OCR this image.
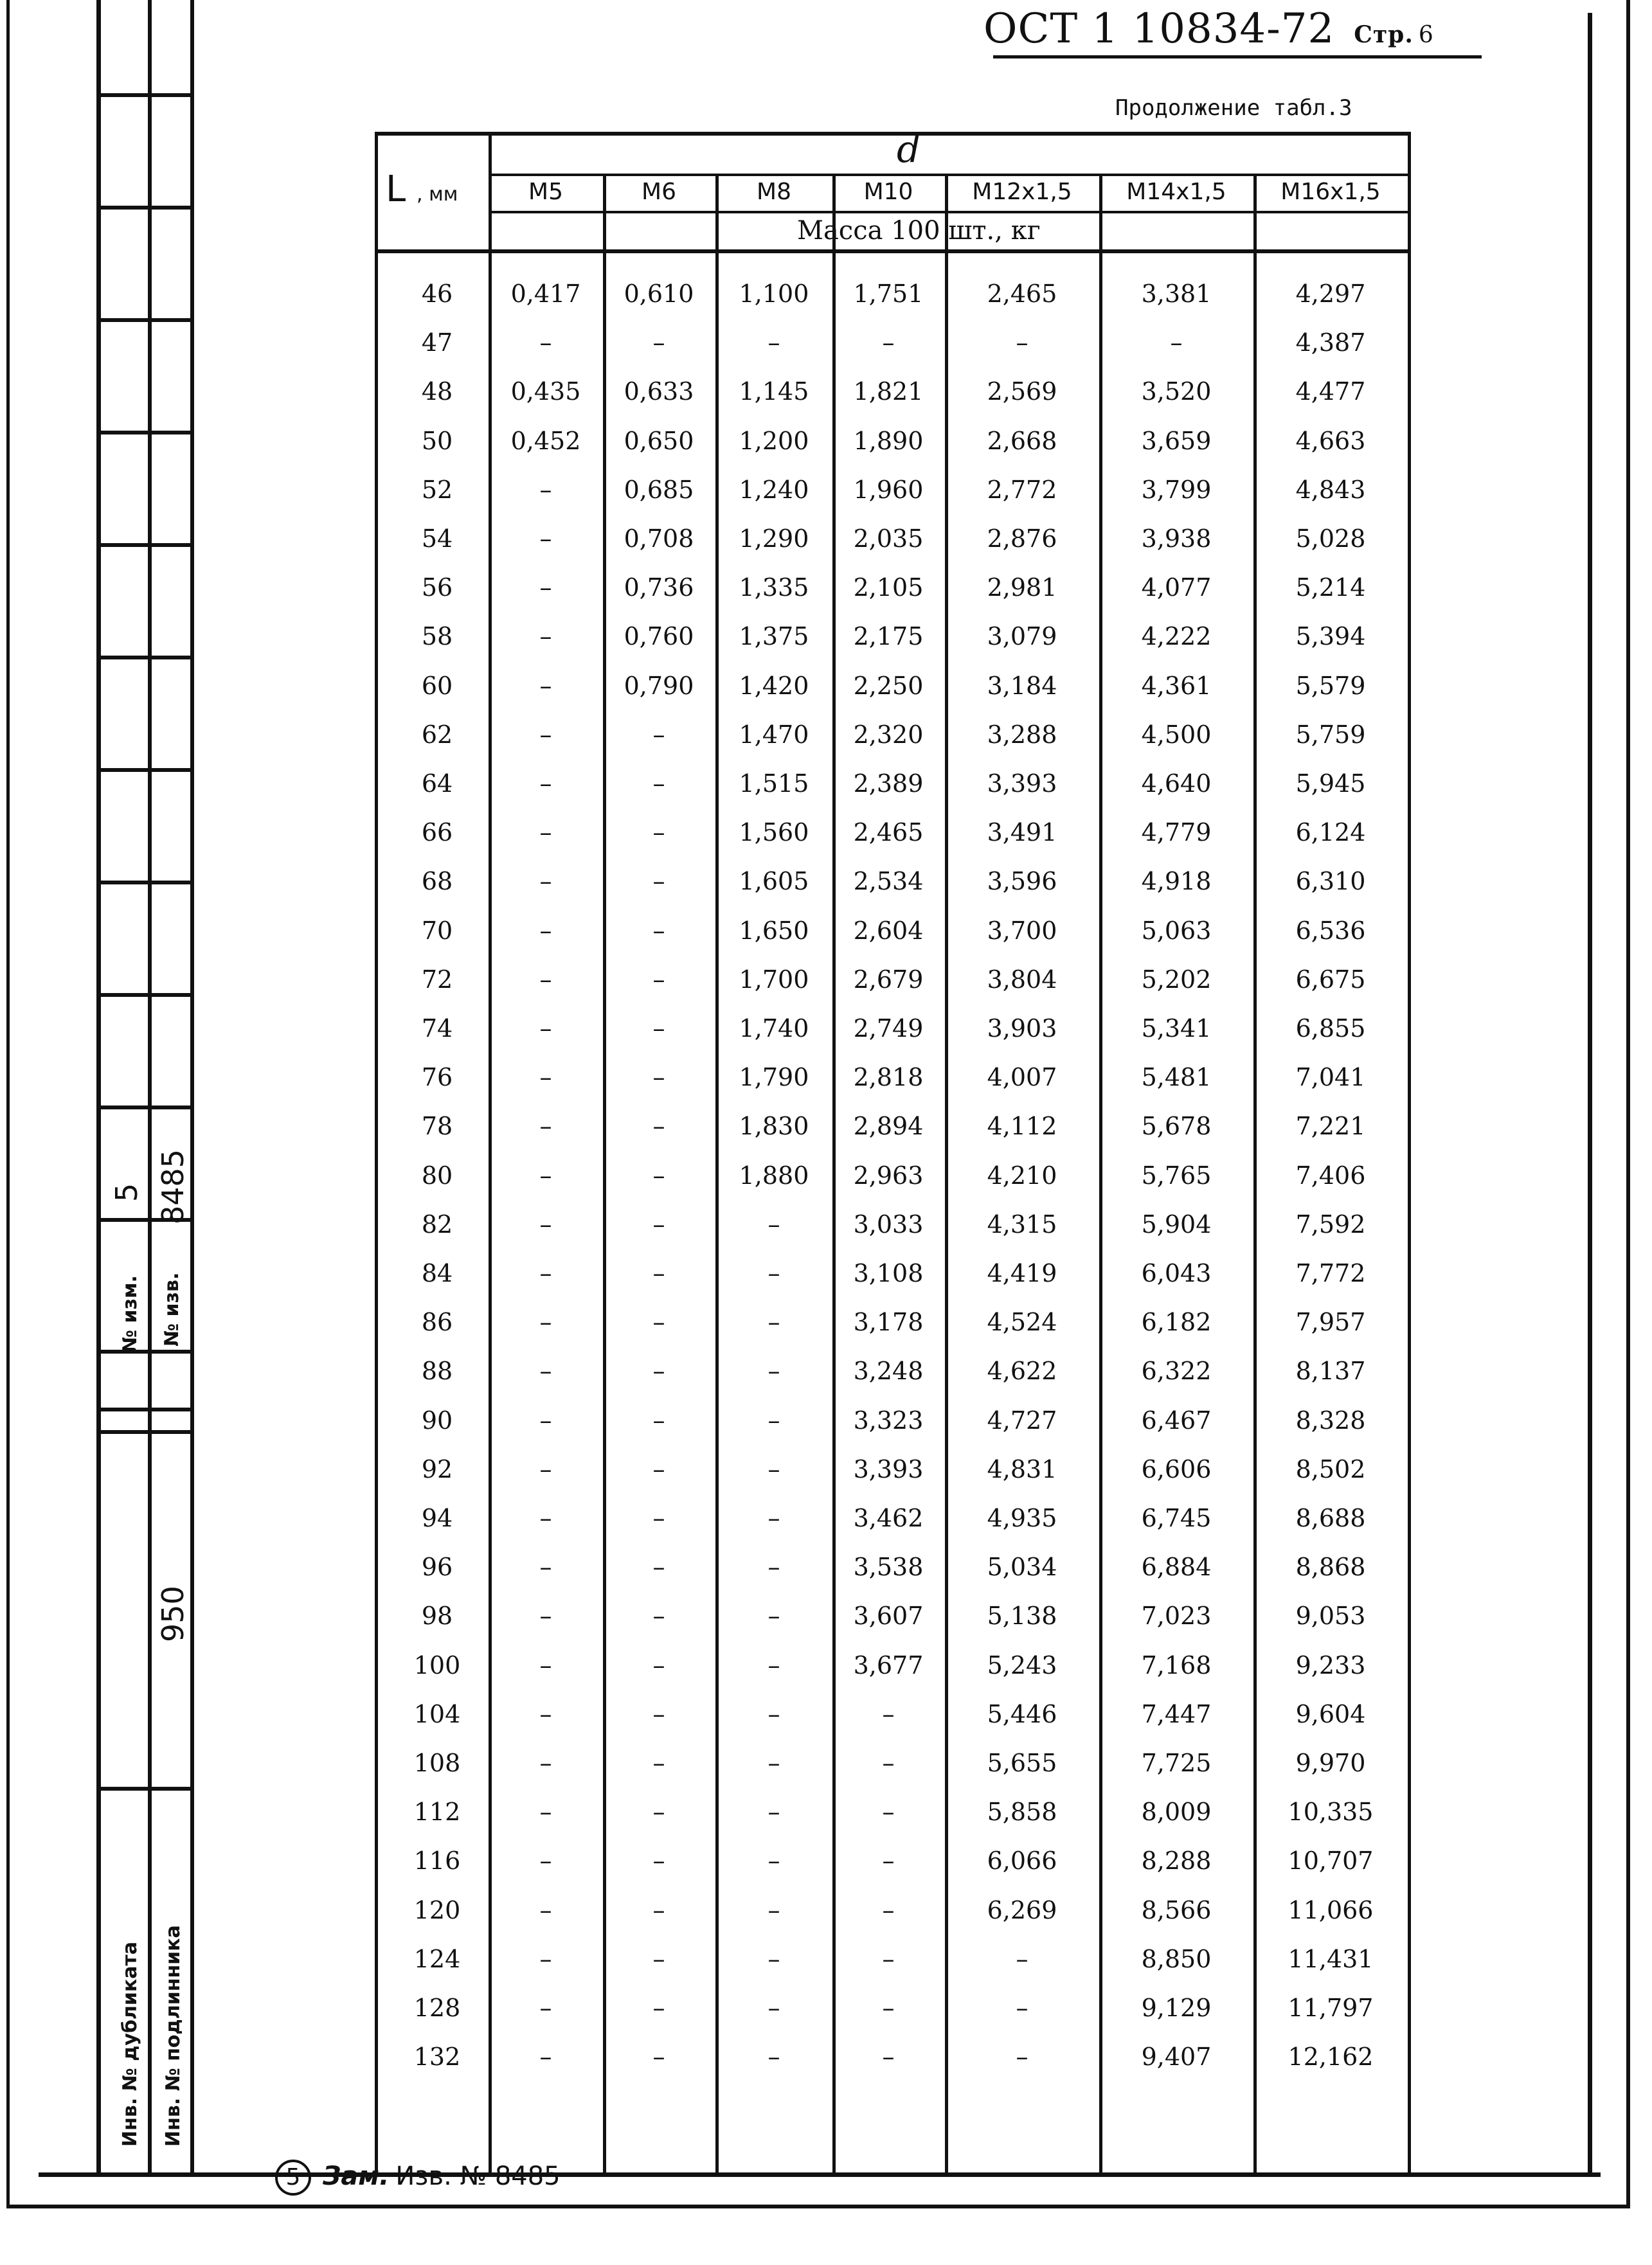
5 8485
№ изм. № изв.
950
Инв. № дубликата Инв. № подлинника
ОСТ 1 10834-72 Стр. 6
Продолжение табл.3
d
L , мм
Масса 100 шт., кг
M5	M6	M8	M10	M12x1,5	M14x1,5	M16x1,5
46	0,417	0,610	1,100	1,751	2,465	3,381	4,297
47	–	–	–	–	–	–	4,387
48	0,435	0,633	1,145	1,821	2,569	3,520	4,477
50	0,452	0,650	1,200	1,890	2,668	3,659	4,663
52	–	0,685	1,240	1,960	2,772	3,799	4,843
54	–	0,708	1,290	2,035	2,876	3,938	5,028
56	–	0,736	1,335	2,105	2,981	4,077	5,214
58	–	0,760	1,375	2,175	3,079	4,222	5,394
60	–	0,790	1,420	2,250	3,184	4,361	5,579
62	–	–	1,470	2,320	3,288	4,500	5,759
64	–	–	1,515	2,389	3,393	4,640	5,945
66	–	–	1,560	2,465	3,491	4,779	6,124
68	–	–	1,605	2,534	3,596	4,918	6,310
70	–	–	1,650	2,604	3,700	5,063	6,536
72	–	–	1,700	2,679	3,804	5,202	6,675
74	–	–	1,740	2,749	3,903	5,341	6,855
76	–	–	1,790	2,818	4,007	5,481	7,041
78	–	–	1,830	2,894	4,112	5,678	7,221
80	–	–	1,880	2,963	4,210	5,765	7,406
82	–	–	–	3,033	4,315	5,904	7,592
84	–	–	–	3,108	4,419	6,043	7,772
86	–	–	–	3,178	4,524	6,182	7,957
88	–	–	–	3,248	4,622	6,322	8,137
90	–	–	–	3,323	4,727	6,467	8,328
92	–	–	–	3,393	4,831	6,606	8,502
94	–	–	–	3,462	4,935	6,745	8,688
96	–	–	–	3,538	5,034	6,884	8,868
98	–	–	–	3,607	5,138	7,023	9,053
100	–	–	–	3,677	5,243	7,168	9,233
104	–	–	–	–	5,446	7,447	9,604
108	–	–	–	–	5,655	7,725	9,970
112	–	–	–	–	5,858	8,009	10,335
116	–	–	–	–	6,066	8,288	10,707
120	–	–	–	–	6,269	8,566	11,066
124	–	–	–	–	–	8,850	11,431
128	–	–	–	–	–	9,129	11,797
132	–	–	–	–	–	9,407	12,162
5 Зам. Изв. № 8485
